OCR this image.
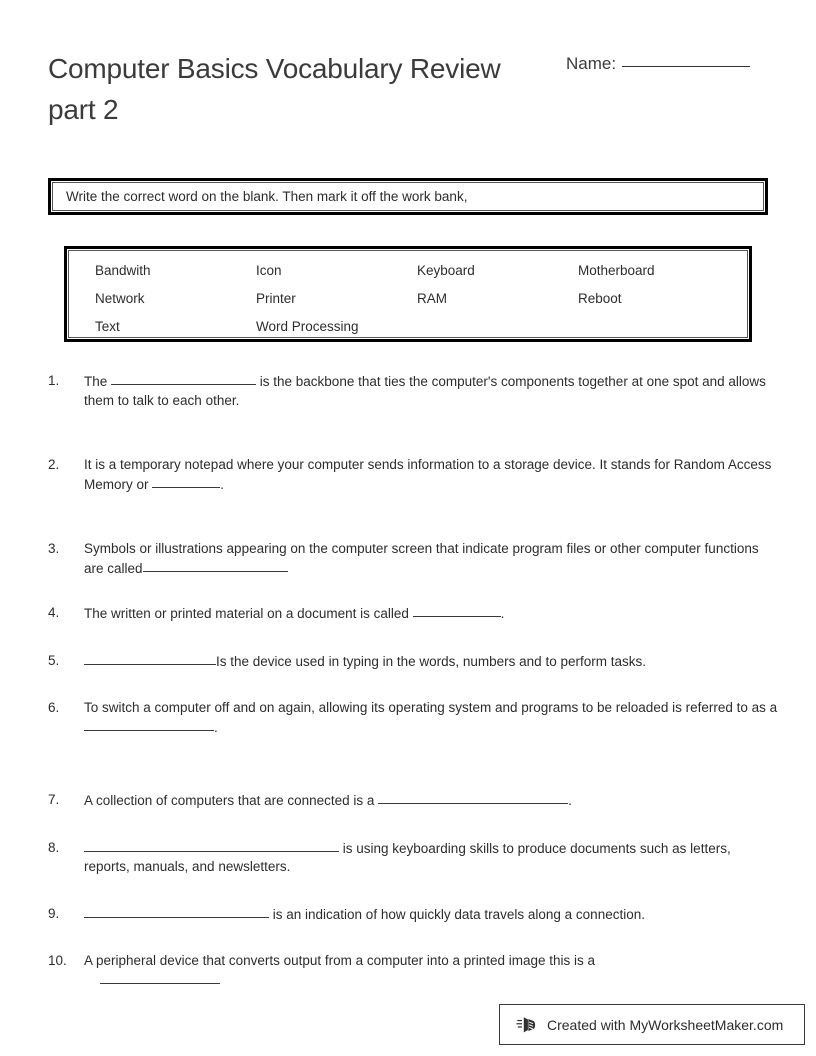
Computer Basics Vocabulary Review part 2
Name:
Write the correct word on the blank. Then mark it off the work bank,
Bandwith	Icon	Keyboard	Motherboard
Network	Printer	RAM	Reboot
Text	Word Processing
1.	The	is the backbone that ties the computer's components together at one spot and allows them to talk to each other.
2.	It is a temporary notepad where your computer sends information to a storage device. It stands for Random Access Memory or	.
3.	Symbols or illustrations appearing on the computer screen that indicate program files or other computer functions are called
4.	The written or printed material on a document is called	.
5.	Is the device used in typing in the words, numbers and to perform tasks.
6.	To switch a computer off and on again, allowing its operating system and programs to be reloaded is referred to as a .
7.	A collection of computers that are connected is a	.
8.	is using keyboarding skills to produce documents such as letters, reports, manuals, and newsletters.
9.	is an indication of how quickly data travels along a connection.
10.	A peripheral device that converts output from a computer into a printed image this is a

Created with MyWorksheetMaker.com
